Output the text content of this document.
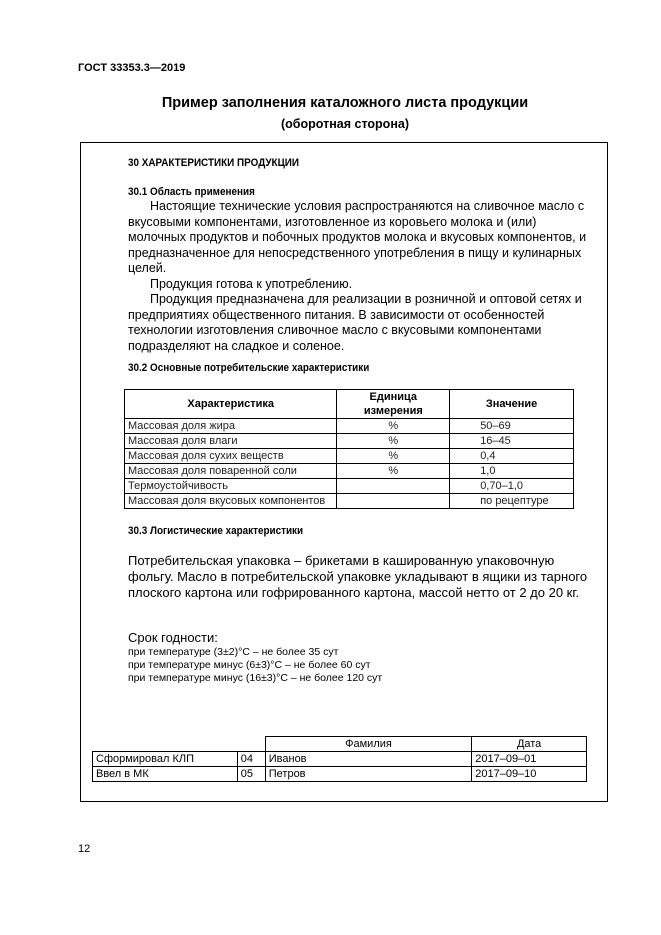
ГОСТ 33353.3—2019
Пример заполнения каталожного листа продукции
(оборотная сторона)
30 ХАРАКТЕРИСТИКИ ПРОДУКЦИИ
30.1 Область применения

Настоящие технические условия распространяются на сливочное масло с вкусовыми компонентами, изготовленное из коровьего молока и (или) молочных продуктов и побочных продуктов молока и вкусовых компонентов, и предназначенное для непосредственного употребления в пищу и кулинарных целей.

Продукция готова к употреблению.

Продукция предназначена для реализации в розничной и оптовой сетях и предприятиях общественного питания. В зависимости от особенностей технологии изготовления сливочное масло с вкусовыми компонентами подразделяют на сладкое и соленое.

30.2 Основные потребительские характеристики
Характеристика	Единица измерения	Значение
Массовая доля жира	%	50–69
Массовая доля влаги	%	16–45
Массовая доля сухих веществ	%	0,4
Массовая доля поваренной соли	%	1,0
Термоустойчивость		0,70–1,0
Массовая доля вкусовых компонентов		по рецептуре
30.3 Логистические характеристики
Потребительская упаковка – брикетами в кашированную упаковочную фольгу. Масло в потребительской упаковке укладывают в ящики из тарного плоского картона или гофрированного картона, массой нетто от 2 до 20 кг.
Срок годности:
при температуре (3±2)°С – не более 35 сут
при температуре минус (6±3)°С – не более 60 сут
при температуре минус (16±3)°С – не более 120 сут
		Фамилия	Дата
Сформировал КЛП	04	Иванов	2017–09–01
Ввел в МК	05	Петров	2017–09–10
12
